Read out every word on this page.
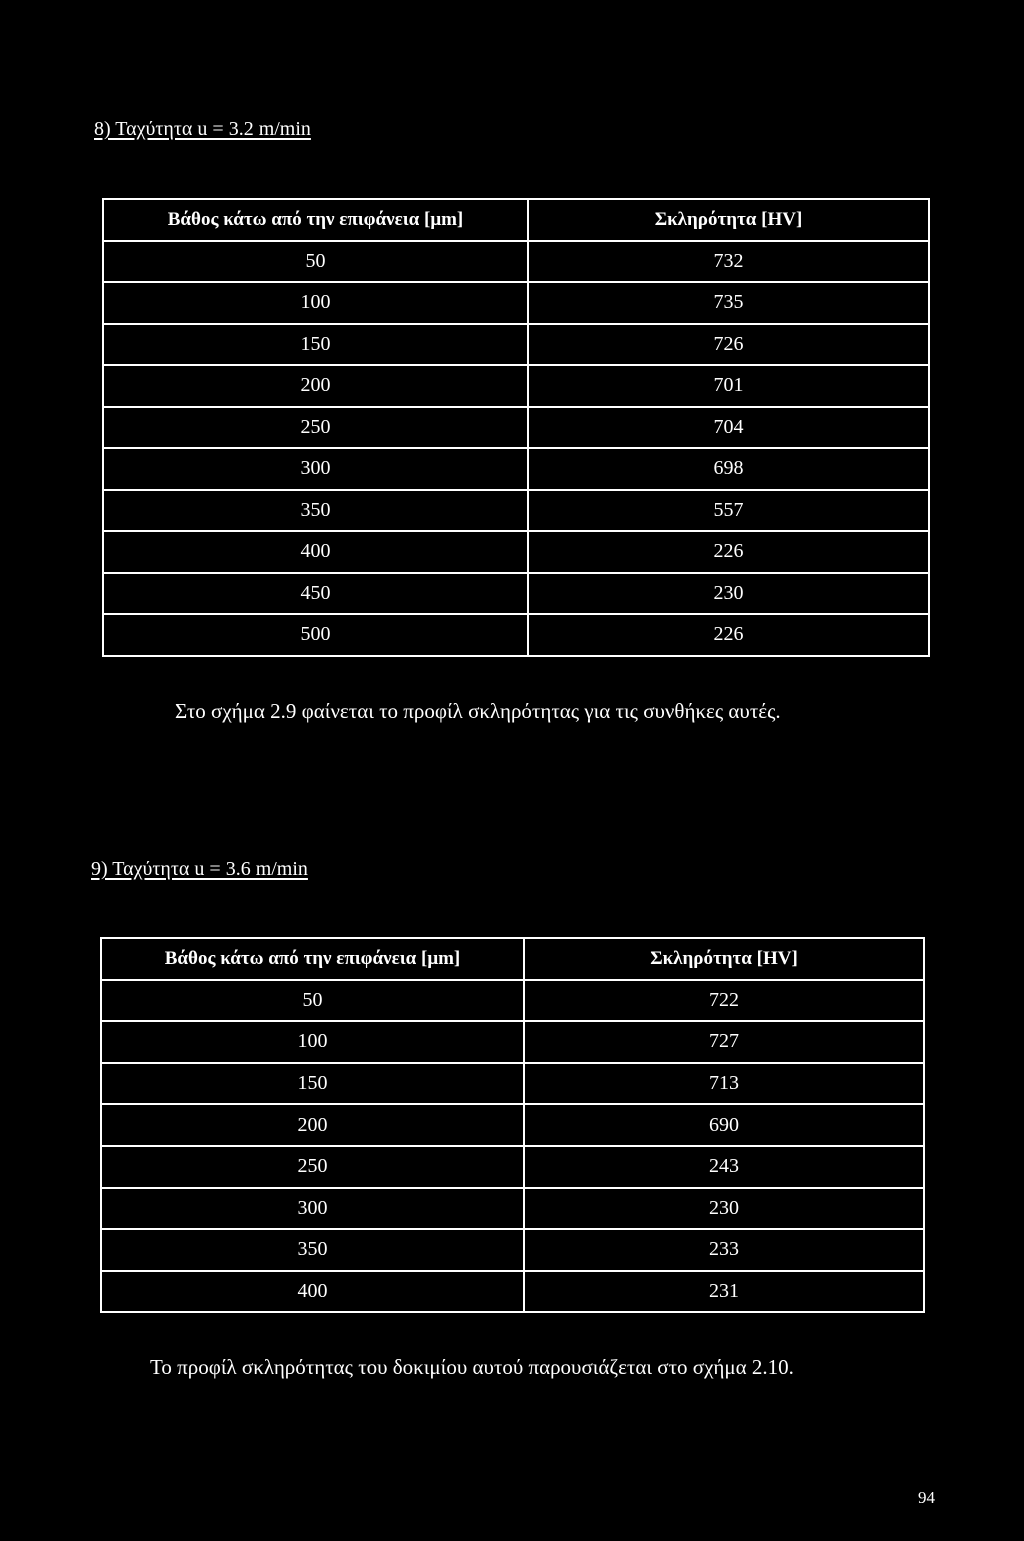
8) Ταχύτητα u = 3.2 m/min
Βάθος κάτω από την επιφάνεια [μm]	Σκληρότητα [HV]
50	732
100	735
150	726
200	701
250	704
300	698
350	557
400	226
450	230
500	226
Στο σχήμα 2.9 φαίνεται το προφίλ σκληρότητας για τις συνθήκες αυτές.
9) Ταχύτητα u = 3.6 m/min
Βάθος κάτω από την επιφάνεια [μm]	Σκληρότητα [HV]
50	722
100	727
150	713
200	690
250	243
300	230
350	233
400	231
Το προφίλ σκληρότητας του δοκιμίου αυτού παρουσιάζεται στο σχήμα 2.10.
94
